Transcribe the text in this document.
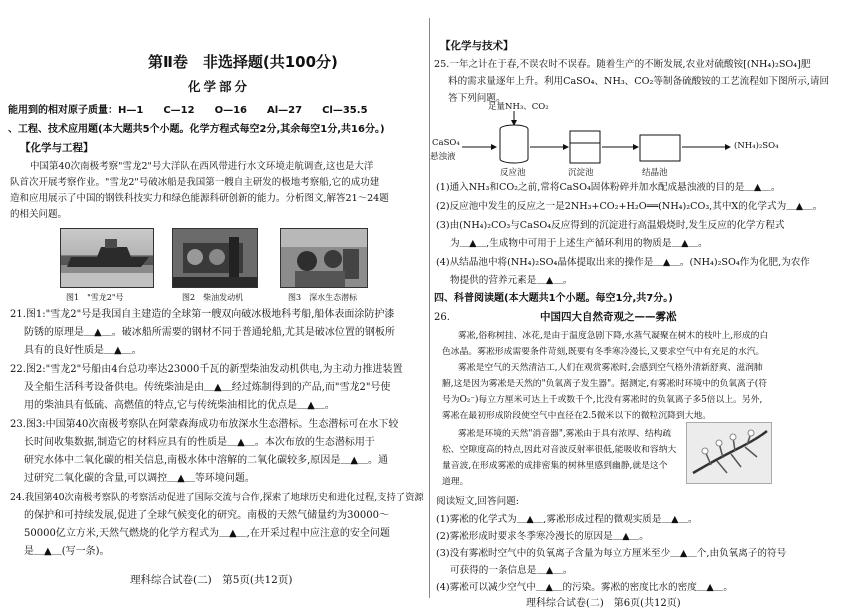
第Ⅱ卷　非选择题(共100分)
化学部分
能用到的相对原子质量：H—1　　C—12　　O—16　　Al—27　　Cl—35.5
、工程、技术应用题(本大题共5个小题。化学方程式每空2分,其余每空1分,共16分。)
【化学与工程】
中国第40次南极考察"雪龙2"号大洋队在西风带进行水文环境走航调查,这也是大洋
队首次开展考察作业。"雪龙2"号破冰船是我国第一艘自主研发的极地考察船,它的成功建
造和应用展示了中国的钢铁科技实力和绿色能源科研创新的能力。分析图文,解答21～24题
的相关问题。
图1　"雪龙2"号	图2　柴油发动机	图3　深水生态潜标
21.图1:"雪龙2"号是我国自主建造的全球第一艘双向破冰极地科考船,船体表面涂防护漆
防锈的原理是＿▲＿。破冰船所需要的钢材不同于普通轮船,尤其是破冰位置的钢板所
具有的良好性质是＿▲＿。
22.图2:"雪龙2"号船由4台总功率达23000千瓦的新型柴油发动机供电,为主动力推进装置
及全船生活科考设备供电。传统柴油是由＿▲＿经过炼制得到的产品,而"雪龙2"号使
用的柴油具有低硫、高燃值的特点,它与传统柴油相比的优点是＿▲＿。
23.图3:中国第40次南极考察队在阿蒙森海成功布放深水生态潜标。生态潜标可在水下较
长时间收集数据,制造它的材料应具有的性质是＿▲＿。本次布放的生态潜标用于
研究水体中二氧化碳的相关信息,南极水体中溶解的二氧化碳较多,原因是＿▲＿。通
过研究二氧化碳的含量,可以调控＿▲＿等环境问题。
24.我国第40次南极考察队的考察活动促进了国际交流与合作,探索了地球历史和进化过程,支持了资源
的保护和可持续发展,促进了全球气候变化的研究。南极的天然气储量约为30000～
50000亿立方米,天然气燃烧的化学方程式为＿▲＿,在开采过程中应注意的安全问题
是＿▲＿(写一条)。
理科综合试卷(二)　第5页(共12页)
【化学与技术】
25.一年之计在于春,不误农时不误春。随着生产的不断发展,农业对硫酸铵[(NH₄)₂SO₄]肥
料的需求量逐年上升。利用CaSO₄、NH₃、CO₂等制备硫酸铵的工艺流程如下图所示,请回
答下列问题。
足量NH₃、CO₂
CaSO₄
悬浊液
反应池	沉淀池	结晶池
(NH₄)₂SO₄
(1)通入NH₃和CO₂之前,常将CaSO₄固体粉碎并加水配成悬浊液的目的是＿▲＿。
(2)反应池中发生的反应之一是2NH₃+CO₂+H₂O══(NH₄)₂CO₃,其中X的化学式为＿▲＿。
(3)由(NH₄)₂CO₃与CaSO₄反应得到的沉淀进行高温煅烧时,发生反应的化学方程式
为＿▲＿,生成物中可用于上述生产循环利用的物质是＿▲＿。
(4)从结晶池中将(NH₄)₂SO₄晶体提取出来的操作是＿▲＿。(NH₄)₂SO₄作为化肥,为农作
物提供的营养元素是＿▲＿。
四、科普阅读题(本大题共1个小题。每空1分,共7分。)
26.	中国四大自然奇观之——雾凇
雾凇,俗称树挂、冰花,是由于温度急剧下降,水蒸气凝聚在树木的枝叶上,形成的白
色冰晶。雾凇形成需要条件苛刻,既要有冬季寒冷漫长,又要求空气中有充足的水汽。
雾凇是空气的天然清洁工,人们在观赏雾凇时,会感到空气格外清新舒爽、滋润肺
腑,这是因为雾凇是天然的"负氧离子发生器"。据测定,有雾凇时环境中的负氧离子(符
号为O₂⁻)每立方厘米可达上千或数千个,比没有雾凇时的负氧离子多5倍以上。另外,
雾凇在最初形成阶段使空气中直径在2.5微米以下的微粒沉降到大地。
雾凇是环境的天然"消音器",雾凇由于具有浓厚、结构疏
松、空隙度高的特点,因此对音波反射率很低,能吸收和容纳大
量音波,在形成雾凇的成排密集的树林里感到幽静,就是这个
道理。
阅读短文,回答问题:
(1)雾凇的化学式为＿▲＿,雾凇形成过程的微观实质是＿▲＿。
(2)雾凇形成时要求冬季寒冷漫长的原因是＿▲＿。
(3)没有雾凇时空气中的负氧离子含量为每立方厘米至少＿▲＿个,由负氧离子的符号
可获得的一条信息是＿▲＿。
(4)雾凇可以减少空气中＿▲＿的污染。雾凇的密度比水的密度＿▲＿。
理科综合试卷(二)　第6页(共12页)
